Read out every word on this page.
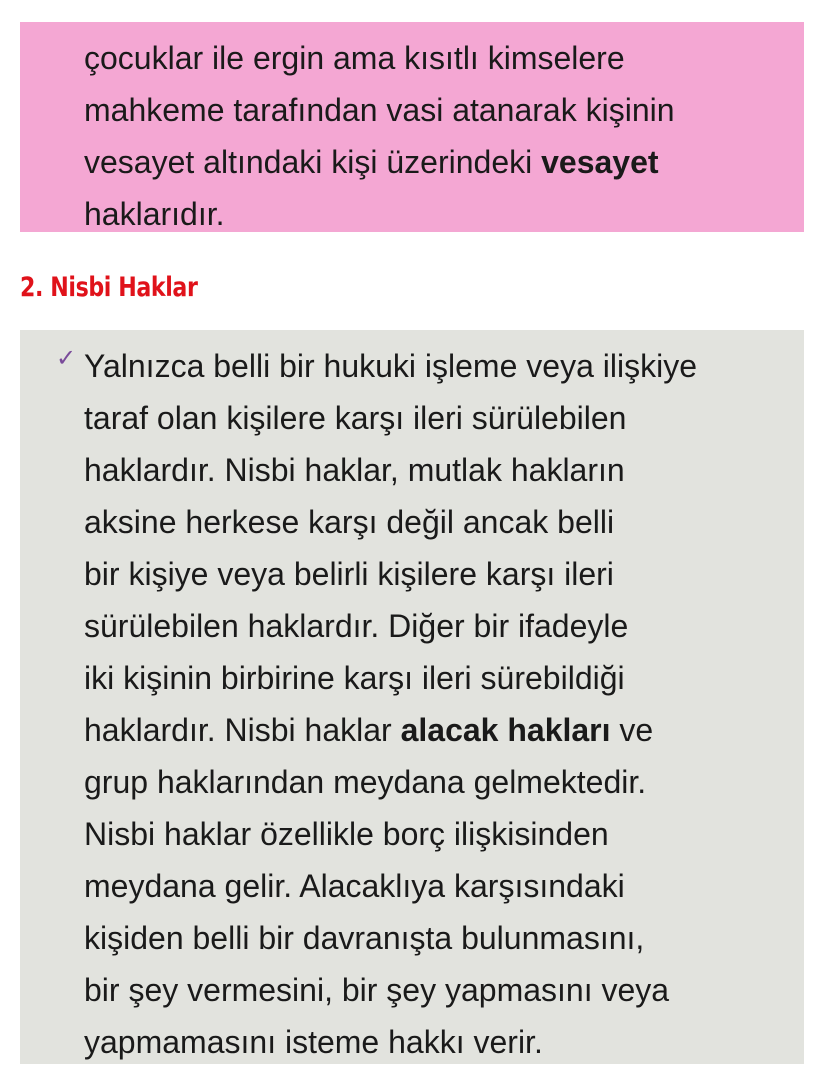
çocuklar ile ergin ama kısıtlı kimselere
mahkeme tarafından vasi atanarak kişinin
vesayet altındaki kişi üzerindeki vesayet
haklarıdır.
2. Nisbi Haklar
✓ Yalnızca belli bir hukuki işleme veya ilişkiye
taraf olan kişilere karşı ileri sürülebilen
haklardır. Nisbi haklar, mutlak hakların
aksine herkese karşı değil ancak belli
bir kişiye veya belirli kişilere karşı ileri
sürülebilen haklardır. Diğer bir ifadeyle
iki kişinin birbirine karşı ileri sürebildiği
haklardır. Nisbi haklar alacak hakları ve
grup haklarından meydana gelmektedir.
Nisbi haklar özellikle borç ilişkisinden
meydana gelir. Alacaklıya karşısındaki
kişiden belli bir davranışta bulunmasını,
bir şey vermesini, bir şey yapmasını veya
yapmamasını isteme hakkı verir.
